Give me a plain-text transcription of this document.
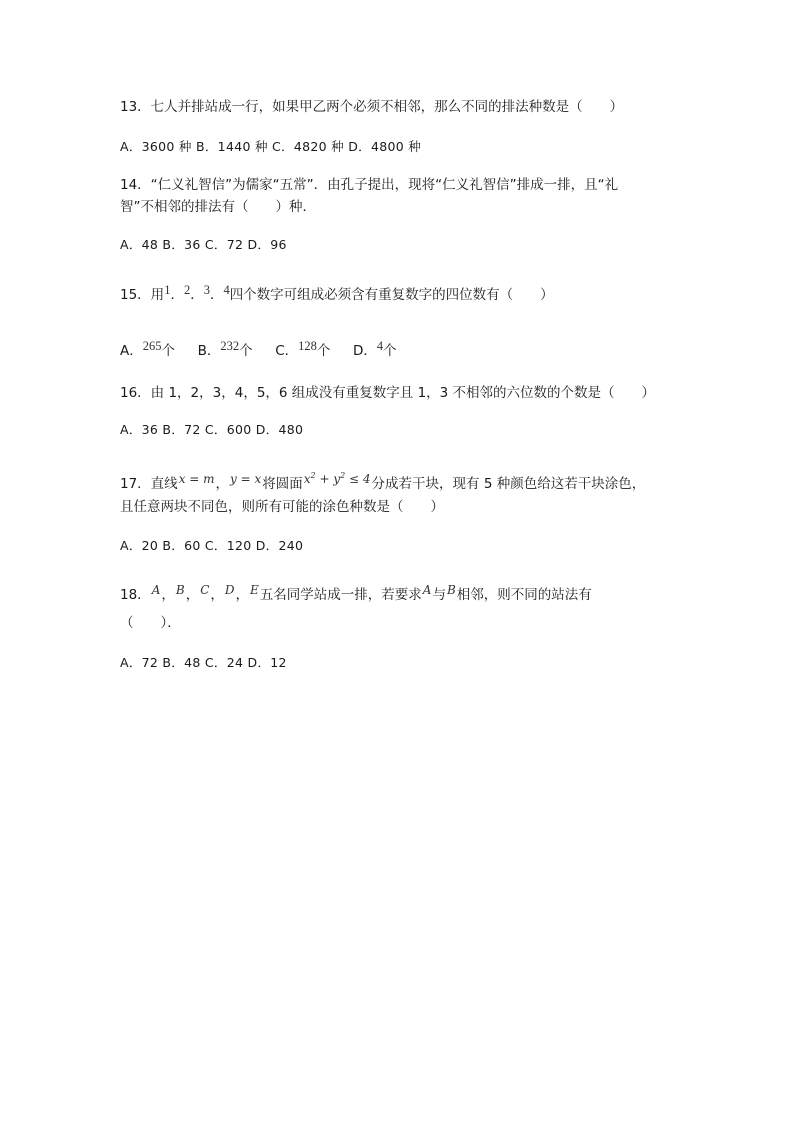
13．七人并排站成一行，如果甲乙两个必须不相邻，那么不同的排法种数是（　　）
A．3600 种 B．1440 种 C．4820 种 D．4800 种
14．“仁义礼智信”为儒家“五常”．由孔子提出，现将“仁义礼智信”排成一排，且“礼
智”不相邻的排法有（　　）种．
A．48 B．36 C．72 D．96
15．用1．2．3．4四个数字可组成必须含有重复数字的四位数有（　　）
A．265个 B．232个 C．128个 D．4个
16．由 1，2，3，4，5，6 组成没有重复数字且 1，3 不相邻的六位数的个数是（　　）
A．36 B．72 C．600 D．480
17．直线x = m，y = x将圆面$x^2 + y^2 \le 4$分成若干块，现有 5 种颜色给这若干块涂色，
且任意两块不同色，则所有可能的涂色种数是（　　）
A．20 B．60 C．120 D．240
18．A，B，C，D，E五名同学站成一排，若要求A与B相邻，则不同的站法有
（　　）．
A．72 B．48 C．24 D．12
